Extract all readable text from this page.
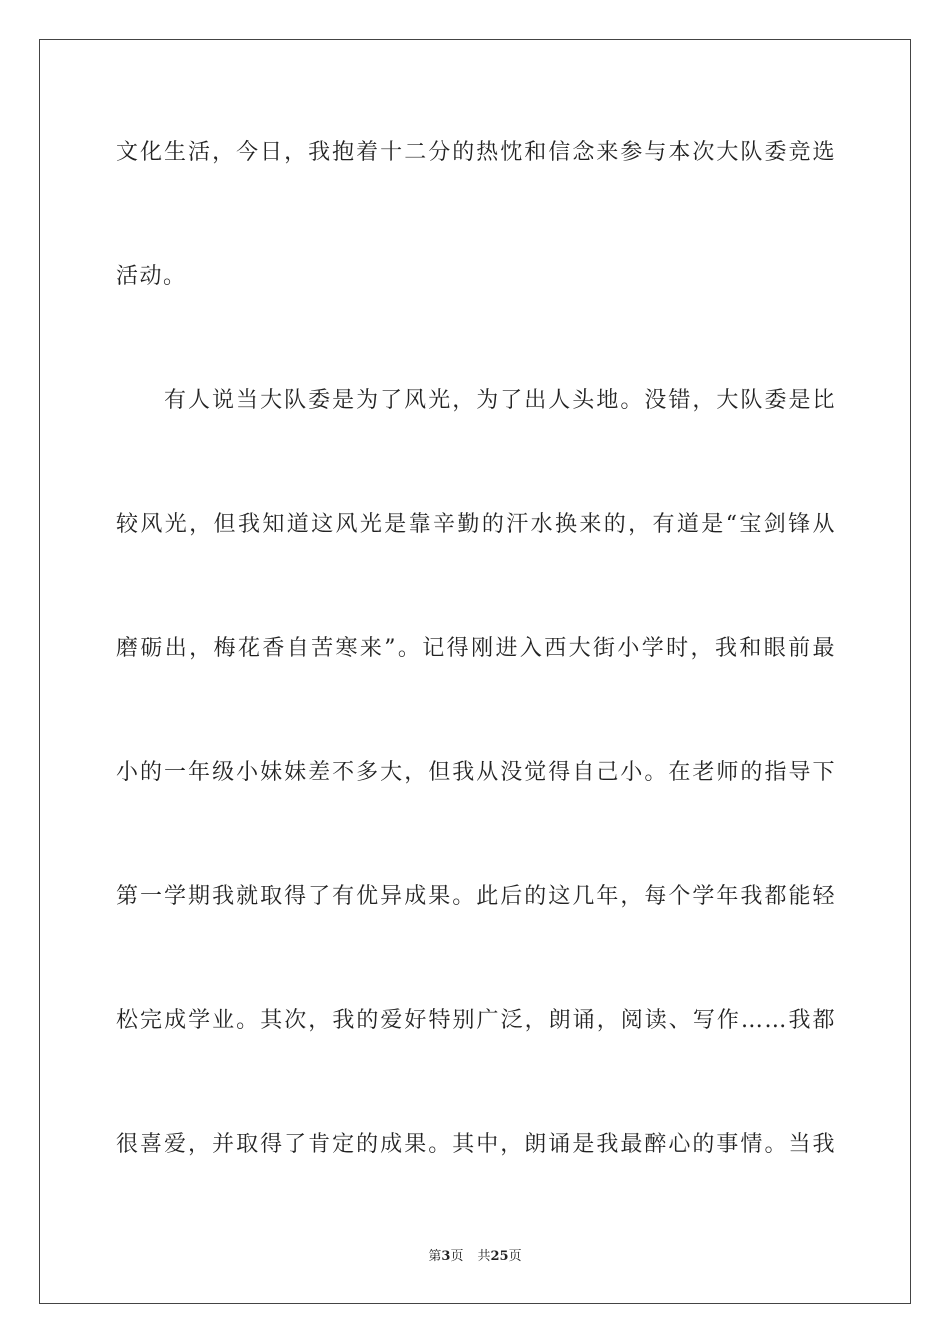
文化生活，今日，我抱着十二分的热忱和信念来参与本次大队委竞选
活动。
有人说当大队委是为了风光，为了出人头地。没错，大队委是比
较风光，但我知道这风光是靠辛勤的汗水换来的，有道是“宝剑锋从
磨砺出，梅花香自苦寒来”。记得刚进入西大街小学时，我和眼前最
小的一年级小妹妹差不多大，但我从没觉得自己小。在老师的指导下
第一学期我就取得了有优异成果。此后的这几年，每个学年我都能轻
松完成学业。其次，我的爱好特别广泛，朗诵，阅读、写作……我都
很喜爱，并取得了肯定的成果。其中，朗诵是我最醉心的事情。当我
第3页 共25页
